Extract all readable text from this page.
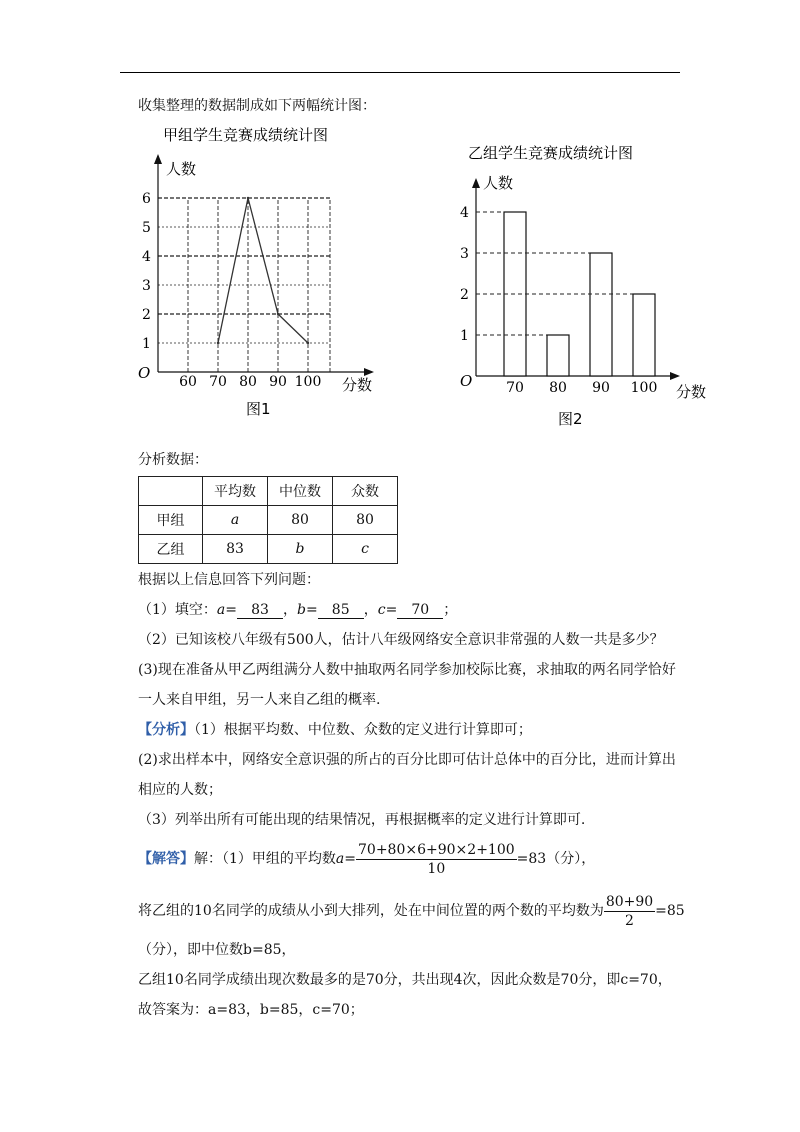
收集整理的数据制成如下两幅统计图：
甲组学生竞赛成绩统计图
人数
分数
O
1
2
3
4
5
6
60 70 80 90 100
图1
乙组学生竞赛成绩统计图
人数
分数
O
1
2
3
4
70 80 90 100
图2
分析数据：
	平均数	中位数	众数
甲组	a	80	80
乙组	83	b	c
根据以上信息回答下列问题：
（1）填空：a= 83 ，b= 85 ，c= 70 ；
（2）已知该校八年级有500人，估计八年级网络安全意识非常强的人数一共是多少？
(3)现在准备从甲乙两组满分人数中抽取两名同学参加校际比赛，求抽取的两名同学恰好
一人来自甲组，另一人来自乙组的概率.
【分析】（1）根据平均数、中位数、众数的定义进行计算即可；
(2)求出样本中，网络安全意识强的所占的百分比即可估计总体中的百分比，进而计算出
相应的人数；
（3）列举出所有可能出现的结果情况，再根据概率的定义进行计算即可.
【解答】解：（1）甲组的平均数$a= \frac{70+80\times 6+90\times 2+100}{10} =83$（分），
将乙组的10名同学的成绩从小到大排列，处在中间位置的两个数的平均数为 $\frac{80+90}{2} =85$
（分），即中位数b=85，
乙组10名同学成绩出现次数最多的是70分，共出现4次，因此众数是70分，即c=70，
故答案为：a=83，b=85，c=70；
